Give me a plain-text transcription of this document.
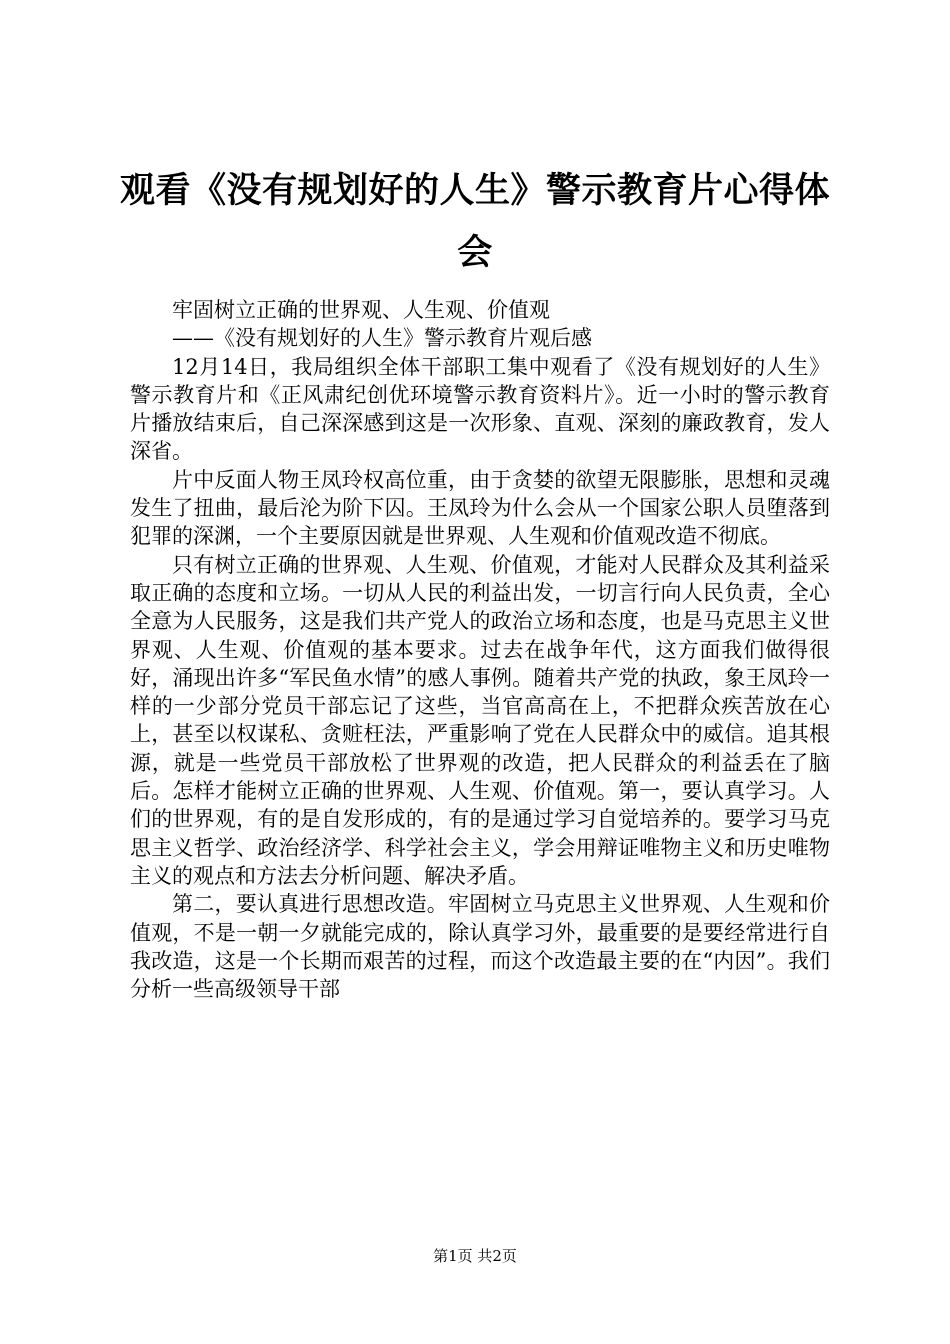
观看《没有规划好的人生》警示教育片心得体会

牢固树立正确的世界观、人生观、价值观

——《没有规划好的人生》警示教育片观后感

12月14日，我局组织全体干部职工集中观看了《没有规划好的人生》警示教育片和《正风肃纪创优环境警示教育资料片》。近一小时的警示教育片播放结束后，自己深深感到这是一次形象、直观、深刻的廉政教育，发人深省。

片中反面人物王凤玲权高位重，由于贪婪的欲望无限膨胀，思想和灵魂发生了扭曲，最后沦为阶下囚。王凤玲为什么会从一个国家公职人员堕落到犯罪的深渊，一个主要原因就是世界观、人生观和价值观改造不彻底。

只有树立正确的世界观、人生观、价值观，才能对人民群众及其利益采取正确的态度和立场。一切从人民的利益出发，一切言行向人民负责，全心全意为人民服务，这是我们共产党人的政治立场和态度，也是马克思主义世界观、人生观、价值观的基本要求。过去在战争年代，这方面我们做得很好，涌现出许多“军民鱼水情”的感人事例。随着共产党的执政，象王凤玲一样的一少部分党员干部忘记了这些，当官高高在上，不把群众疾苦放在心上，甚至以权谋私、贪赃枉法，严重影响了党在人民群众中的威信。追其根源，就是一些党员干部放松了世界观的改造，把人民群众的利益丢在了脑后。怎样才能树立正确的世界观、人生观、价值观。第一，要认真学习。人们的世界观，有的是自发形成的，有的是通过学习自觉培养的。要学习马克思主义哲学、政治经济学、科学社会主义，学会用辩证唯物主义和历史唯物主义的观点和方法去分析问题、解决矛盾。

第二，要认真进行思想改造。牢固树立马克思主义世界观、人生观和价值观，不是一朝一夕就能完成的，除认真学习外，最重要的是要经常进行自我改造，这是一个长期而艰苦的过程，而这个改造最主要的在“内因”。我们分析一些高级领导干部

第1页 共2页
